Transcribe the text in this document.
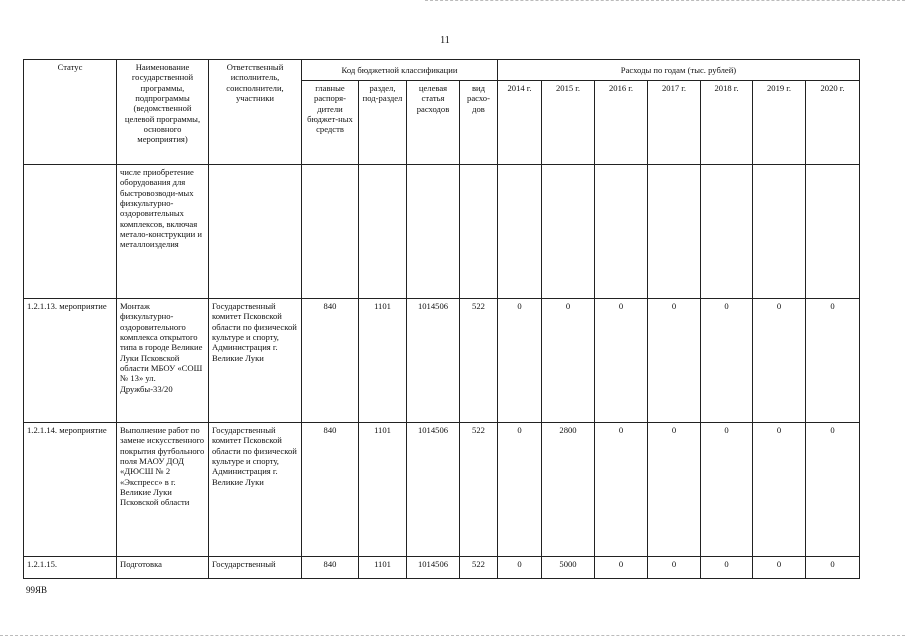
11
Статус	Наименование государственной программы, подпрограммы (ведомственной целевой программы, основного мероприятия)	Ответственный исполнитель, соисполнители, участники	Код бюджетной классификации				Расходы по годам (тыс. рублей)						
			главные распоря-дители бюджет-ных средств	раздел, под-раздел	целевая статья расходов	вид расхо-дов	2014 г.	2015 г.	2016 г.	2017 г.	2018 г.	2019 г.	2020 г.
	числе приобретение оборудования для быстровозводи-мых физкультурно-оздоровительных комплексов, включая метало-конструкции и металлоизделия												
1.2.1.13. мероприятие	Монтаж физкультурно-оздоровительного комплекса открытого типа в городе Великие Луки Псковской области МБОУ «СОШ № 13» ул. Дружбы-33/20	Государственный комитет Псковской области по физической культуре и спорту, Администрация г. Великие Луки	840	1101	1014506	522	0	0	0	0	0	0	0
1.2.1.14. мероприятие	Выполнение работ по замене искусственного покрытия футбольного поля МАОУ ДОД «ДЮСШ № 2 «Экспресс» в г. Великие Луки Псковской области	Государственный комитет Псковской области по физической культуре и спорту, Администрация г. Великие Луки	840	1101	1014506	522	0	2800	0	0	0	0	0
1.2.1.15.	Подготовка	Государственный	840	1101	1014506	522	0	5000	0	0	0	0	0
99ЯВ
